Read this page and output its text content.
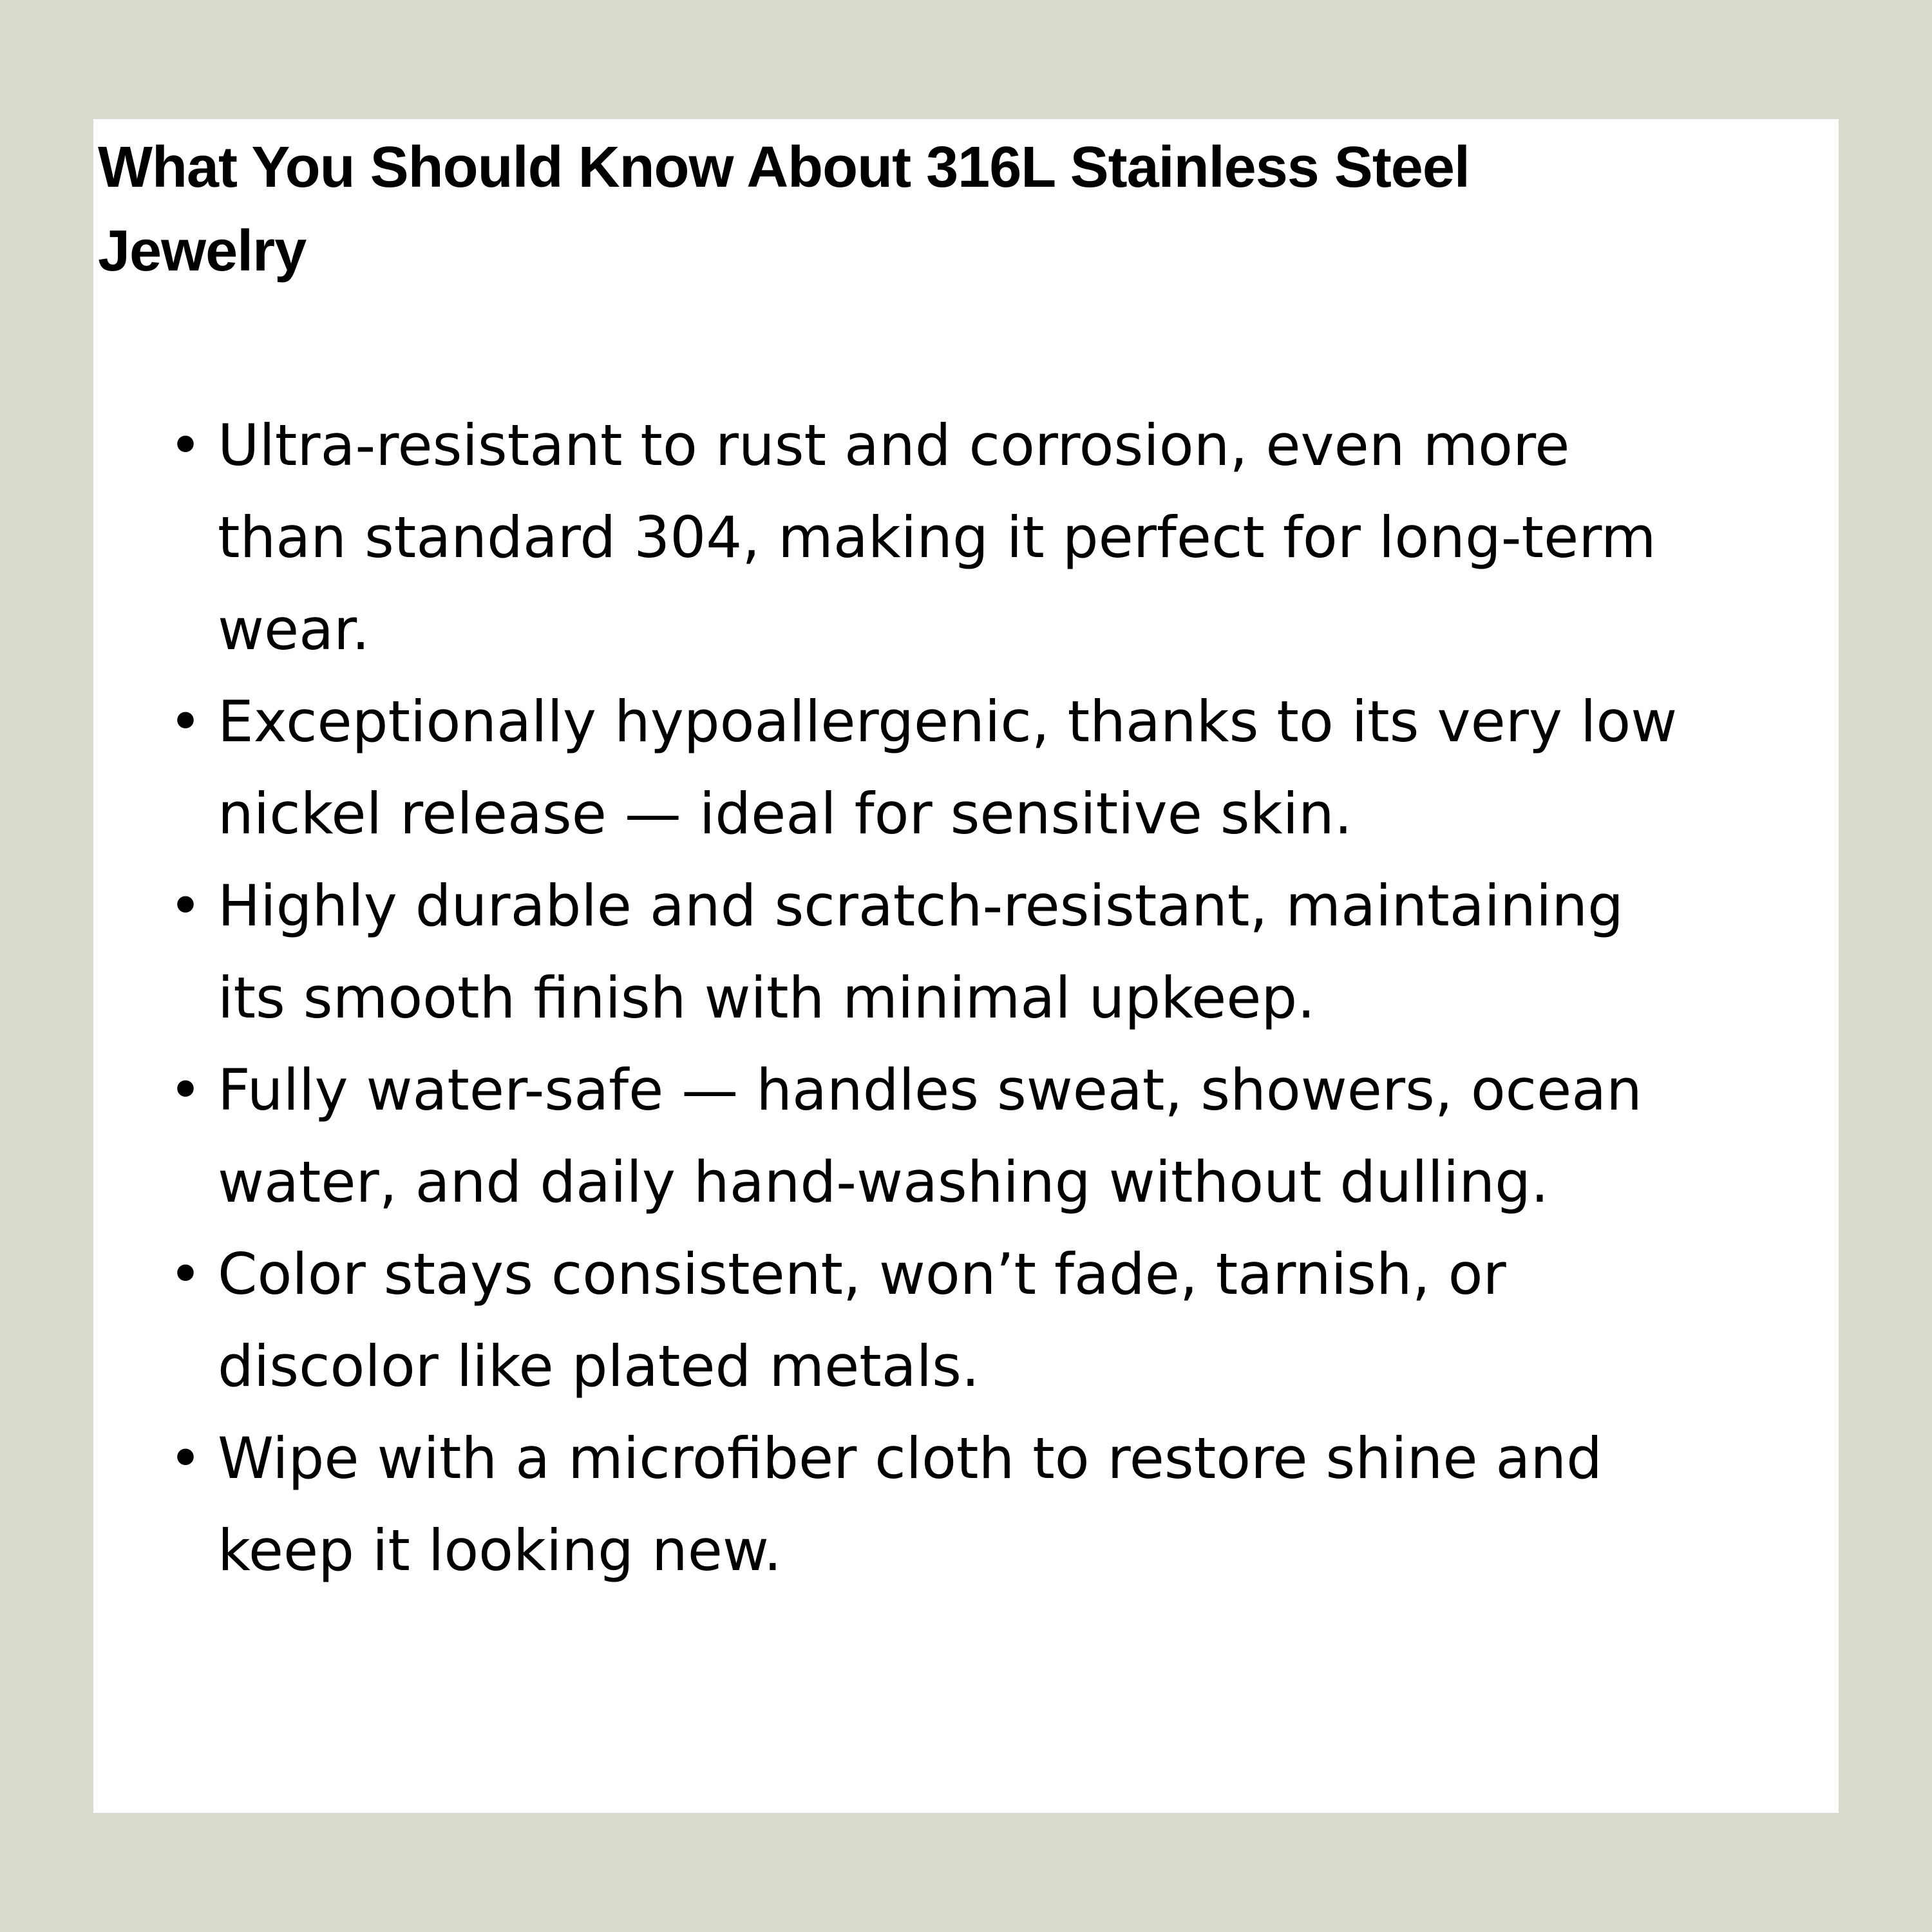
What You Should Know About 316L Stainless Steel Jewelry
• Ultra-resistant to rust and corrosion, even more than standard 304, making it perfect for long-term wear.
• Exceptionally hypoallergenic, thanks to its very low nickel release — ideal for sensitive skin.
• Highly durable and scratch-resistant, maintaining its smooth finish with minimal upkeep.
• Fully water-safe — handles sweat, showers, ocean water, and daily hand-washing without dulling.
• Color stays consistent, won’t fade, tarnish, or discolor like plated metals.
• Wipe with a microfiber cloth to restore shine and keep it looking new.
